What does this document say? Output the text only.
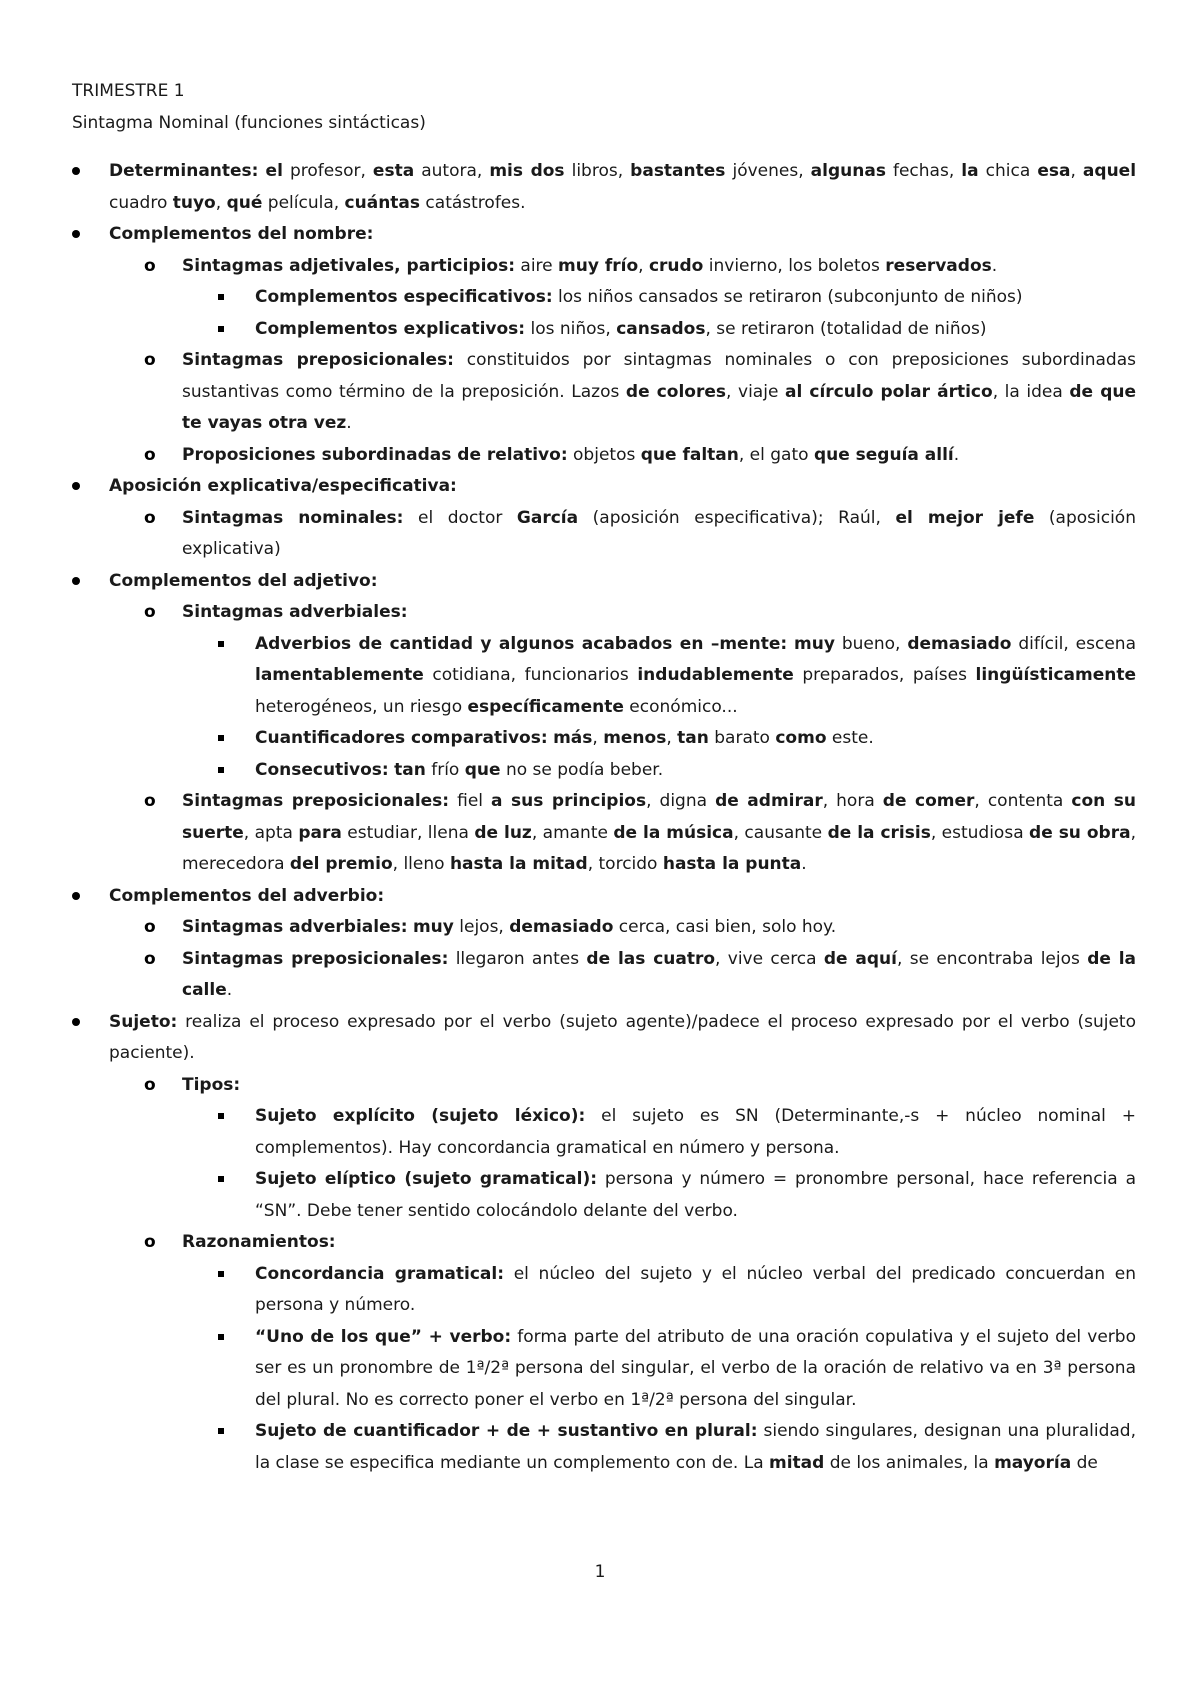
TRIMESTRE 1

Sintagma Nominal (funciones sintácticas)

Determinantes: el profesor, esta autora, mis dos libros, bastantes jóvenes, algunas fechas, la chica esa, aquel cuadro tuyo, qué película, cuántas catástrofes.
Complementos del nombre:
o Sintagmas adjetivales, participios: aire muy frío, crudo invierno, los boletos reservados.
Complementos especificativos: los niños cansados se retiraron (subconjunto de niños)
Complementos explicativos: los niños, cansados, se retiraron (totalidad de niños)
o Sintagmas preposicionales: constituidos por sintagmas nominales o con preposiciones subordinadas sustantivas como término de la preposición. Lazos de colores, viaje al círculo polar ártico, la idea de que te vayas otra vez.
o Proposiciones subordinadas de relativo: objetos que faltan, el gato que seguía allí.
Aposición explicativa/especificativa:
o Sintagmas nominales: el doctor García (aposición especificativa); Raúl, el mejor jefe (aposición explicativa)
Complementos del adjetivo:
o Sintagmas adverbiales:
Adverbios de cantidad y algunos acabados en –mente: muy bueno, demasiado difícil, escena lamentablemente cotidiana, funcionarios indudablemente preparados, países lingüísticamente heterogéneos, un riesgo específicamente económico...
Cuantificadores comparativos: más, menos, tan barato como este.
Consecutivos: tan frío que no se podía beber.
o Sintagmas preposicionales: fiel a sus principios, digna de admirar, hora de comer, contenta con su suerte, apta para estudiar, llena de luz, amante de la música, causante de la crisis, estudiosa de su obra, merecedora del premio, lleno hasta la mitad, torcido hasta la punta.
Complementos del adverbio:
o Sintagmas adverbiales: muy lejos, demasiado cerca, casi bien, solo hoy.
o Sintagmas preposicionales: llegaron antes de las cuatro, vive cerca de aquí, se encontraba lejos de la calle.
Sujeto: realiza el proceso expresado por el verbo (sujeto agente)/padece el proceso expresado por el verbo (sujeto paciente).
o Tipos:
Sujeto explícito (sujeto léxico): el sujeto es SN (Determinante,-s + núcleo nominal + complementos). Hay concordancia gramatical en número y persona.
Sujeto elíptico (sujeto gramatical): persona y número = pronombre personal, hace referencia a “SN”. Debe tener sentido colocándolo delante del verbo.
o Razonamientos:
Concordancia gramatical: el núcleo del sujeto y el núcleo verbal del predicado concuerdan en persona y número.
“Uno de los que” + verbo: forma parte del atributo de una oración copulativa y el sujeto del verbo ser es un pronombre de 1ª/2ª persona del singular, el verbo de la oración de relativo va en 3ª persona del plural. No es correcto poner el verbo en 1ª/2ª persona del singular.
Sujeto de cuantificador + de + sustantivo en plural: siendo singulares, designan una pluralidad, la clase se especifica mediante un complemento con de. La mitad de los animales, la mayoría de
1
